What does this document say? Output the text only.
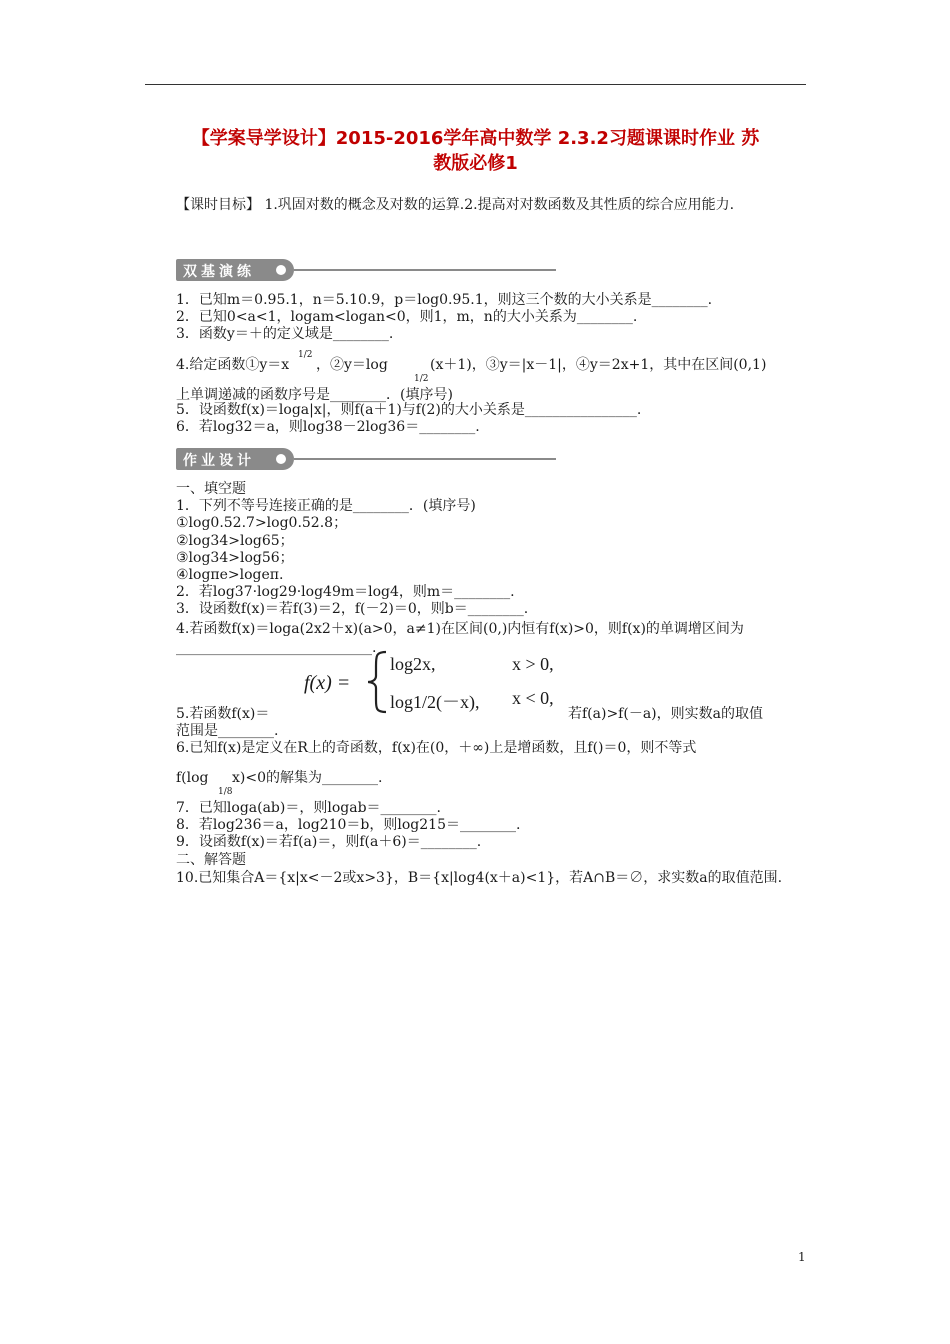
【学案导学设计】2015-2016学年高中数学 2.3.2习题课课时作业 苏
教版必修1
【课时目标】 1.巩固对数的概念及对数的运算.2.提高对对数函数及其性质的综合应用能力.
双基演练
1．已知m＝0.95.1，n＝5.10.9，p＝log0.95.1，则这三个数的大小关系是________.
2．已知0<a<1，logam<logan<0，则1，m，n的大小关系为________.
3．函数y＝＋的定义域是________.
4.给定函数①y＝x
1/2
，②y＝log
1/2
(x＋1)，③y＝|x－1|，④y＝2x+1，其中在区间(0,1)
上单调递减的函数序号是________．(填序号)
5．设函数f(x)＝loga|x|，则f(a＋1)与f(2)的大小关系是________________.
6．若log32＝a，则log38－2log36＝________.
作业设计
一、填空题
1．下列不等号连接正确的是________．(填序号)
①log0.52.7>log0.52.8；
②log34>log65；
③log34>log56；
④logπe>logeπ.
2．若log37·log29·log49m＝log4，则m＝________.
3．设函数f(x)＝若f(3)＝2，f(－2)＝0，则b＝________.
4.若函数f(x)＝loga(2x2＋x)(a>0，a≠1)在区间(0,)内恒有f(x)>0，则f(x)的单调增区间为____________________________.
f(x) =
log2x,	x > 0,
log1/2(－x), x < 0,
5.若函数f(x)＝	若f(a)>f(－a)，则实数a的取值
范围是________.
6.已知f(x)是定义在R上的奇函数，f(x)在(0，＋∞)上是增函数，且f()＝0，则不等式
f(log
1/8
x)<0的解集为________.
7．已知loga(ab)＝，则logab＝________.
8．若log236＝a，log210＝b，则log215＝________.
9．设函数f(x)＝若f(a)＝，则f(a＋6)＝________.
二、解答题
10.已知集合A＝{x|x<－2或x>3}，B＝{x|log4(x＋a)<1}，若A∩B＝∅，求实数a的取值范围.
1
